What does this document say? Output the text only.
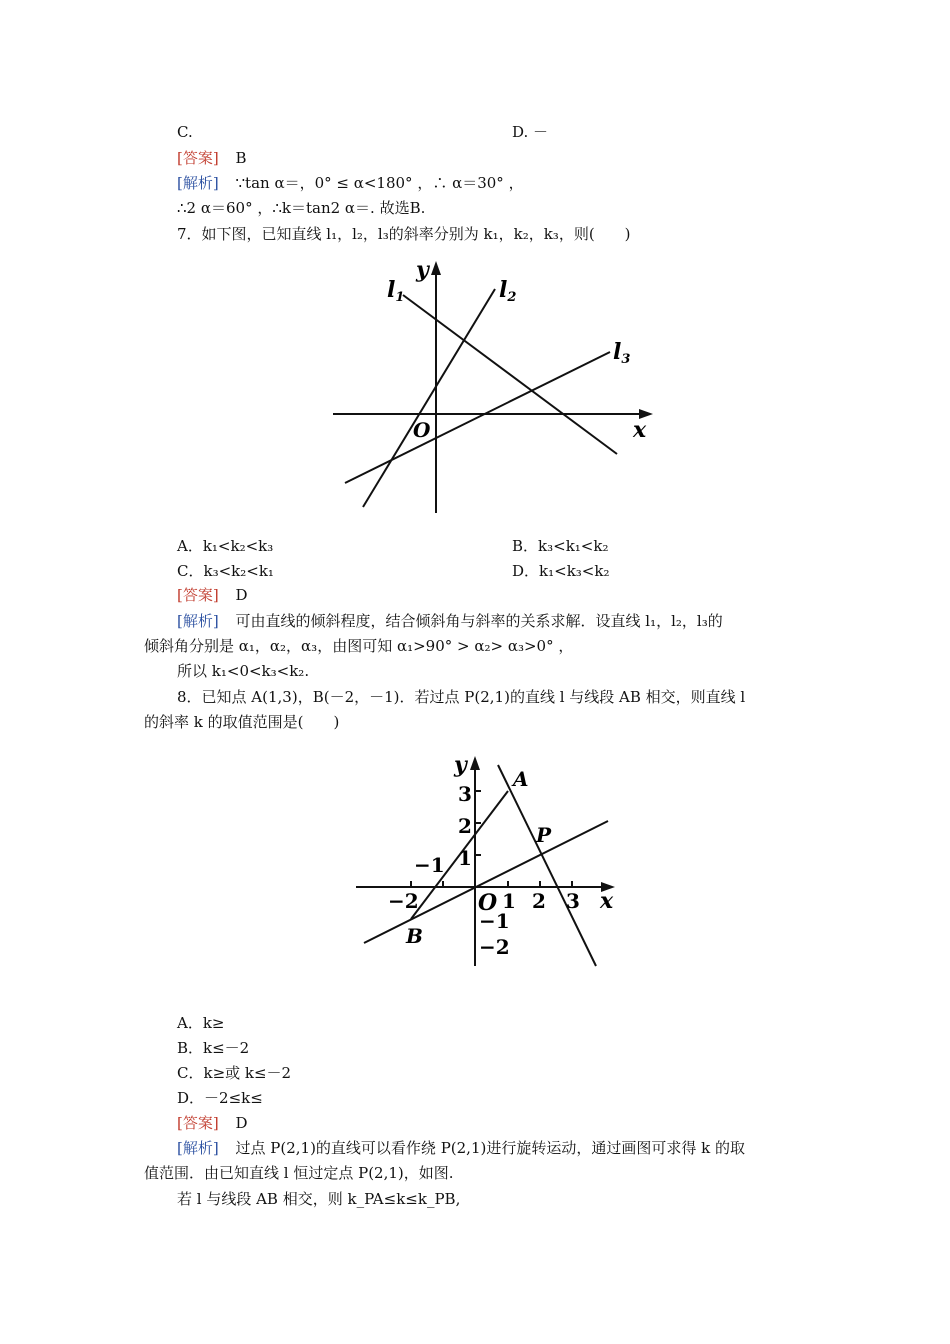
C.	D. －
[答案] B
[解析] ∵tan α＝，0° ≤ α<180° ，∴ α＝30° ，
∴2 α＝60° ，∴k＝tan2 α＝. 故选B.
7．如下图，已知直线 l₁，l₂，l₃的斜率分别为 k₁，k₂，k₃，则(　　)
y
x
O
l1	l2
l3
A．k₁<k₂<k₃	B．k₃<k₁<k₂
C．k₃<k₂<k₁	D．k₁<k₃<k₂
[答案] D
[解析] 可由直线的倾斜程度，结合倾斜角与斜率的关系求解．设直线 l₁，l₂，l₃的
倾斜角分别是 α₁，α₂，α₃，由图可知 α₁>90° > α₂> α₃>0° ，
所以 k₁<0<k₃<k₂.
8．已知点 A(1,3)，B(－2，－1)．若过点 P(2,1)的直线 l 与线段 AB 相交，则直线 l
的斜率 k 的取值范围是(　　)
y
x
O
A
B
P
−2
−1
1 2 3
3
2
1
−1
−2
A．k≥
B．k≤－2
C．k≥或 k≤－2
D．－2≤k≤
[答案] D
[解析] 过点 P(2,1)的直线可以看作绕 P(2,1)进行旋转运动，通过画图可求得 k 的取
值范围．由已知直线 l 恒过定点 P(2,1)，如图.
若 l 与线段 AB 相交，则 k_PA≤k≤k_PB,
